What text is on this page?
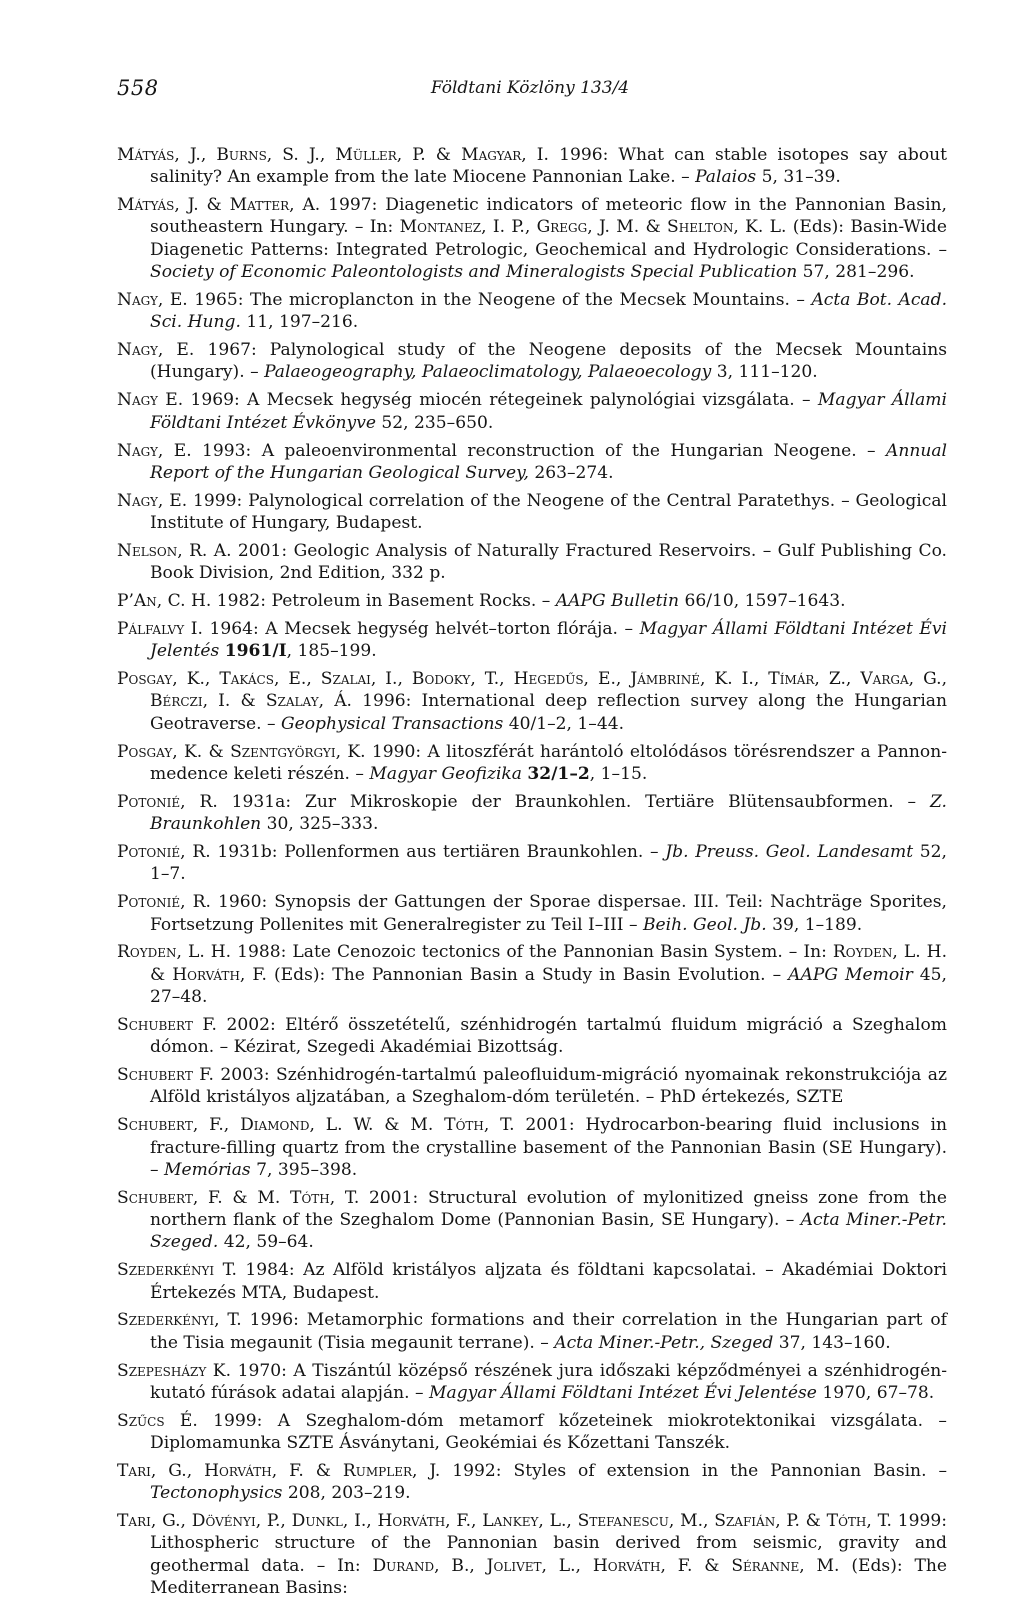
558	Földtani Közlöny 133/4

Mátyás, J., Burns, S. J., Müller, P. & Magyar, I. 1996: What can stable isotopes say about salinity? An example from the late Miocene Pannonian Lake. – Palaios 5, 31–39.

Mátyás, J. & Matter, A. 1997: Diagenetic indicators of meteoric flow in the Pannonian Basin, southeastern Hungary. – In: Montanez, I. P., Gregg, J. M. & Shelton, K. L. (Eds): Basin-Wide Diagenetic Patterns: Integrated Petrologic, Geochemical and Hydrologic Considerations. – Society of Economic Paleontologists and Mineralogists Special Publication 57, 281–296.

Nagy, E. 1965: The microplancton in the Neogene of the Mecsek Mountains. – Acta Bot. Acad. Sci. Hung. 11, 197–216.

Nagy, E. 1967: Palynological study of the Neogene deposits of the Mecsek Mountains (Hungary). – Palaeogeography, Palaeoclimatology, Palaeoecology 3, 111–120.

Nagy E. 1969: A Mecsek hegység miocén rétegeinek palynológiai vizsgálata. – Magyar Állami Földtani Intézet Évkönyve 52, 235–650.

Nagy, E. 1993: A paleoenvironmental reconstruction of the Hungarian Neogene. – Annual Report of the Hungarian Geological Survey, 263–274.

Nagy, E. 1999: Palynological correlation of the Neogene of the Central Paratethys. – Geological Institute of Hungary, Budapest.

Nelson, R. A. 2001: Geologic Analysis of Naturally Fractured Reservoirs. – Gulf Publishing Co. Book Division, 2nd Edition, 332 p.

P’An, C. H. 1982: Petroleum in Basement Rocks. – AAPG Bulletin 66/10, 1597–1643.

Pálfalvy I. 1964: A Mecsek hegység helvét–torton flórája. – Magyar Állami Földtani Intézet Évi Jelentés 1961/I, 185–199.

Posgay, K., Takács, E., Szalai, I., Bodoky, T., Hegedűs, E., Jámbriné, K. I., Tímár, Z., Varga, G., Bérczi, I. & Szalay, Á. 1996: International deep reflection survey along the Hungarian Geotraverse. – Geophysical Transactions 40/1–2, 1–44.

Posgay, K. & Szentgyörgyi, K. 1990: A litoszférát harántoló eltolódásos törésrendszer a Pannon-medence keleti részén. – Magyar Geofizika 32/1–2, 1–15.

Potonié, R. 1931a: Zur Mikroskopie der Braunkohlen. Tertiäre Blütensaubformen. – Z. Braunkohlen 30, 325–333.

Potonié, R. 1931b: Pollenformen aus tertiären Braunkohlen. – Jb. Preuss. Geol. Landesamt 52, 1–7.

Potonié, R. 1960: Synopsis der Gattungen der Sporae dispersae. III. Teil: Nachträge Sporites, Fortsetzung Pollenites mit Generalregister zu Teil I–III – Beih. Geol. Jb. 39, 1–189.

Royden, L. H. 1988: Late Cenozoic tectonics of the Pannonian Basin System. – In: Royden, L. H. & Horváth, F. (Eds): The Pannonian Basin a Study in Basin Evolution. – AAPG Memoir 45, 27–48.

Schubert F. 2002: Eltérő összetételű, szénhidrogén tartalmú fluidum migráció a Szeghalom dómon. – Kézirat, Szegedi Akadémiai Bizottság.

Schubert F. 2003: Szénhidrogén-tartalmú paleofluidum-migráció nyomainak rekonstrukciója az Alföld kristályos aljzatában, a Szeghalom-dóm területén. – PhD értekezés, SZTE

Schubert, F., Diamond, L. W. & M. Tóth, T. 2001: Hydrocarbon-bearing fluid inclusions in fracture-filling quartz from the crystalline basement of the Pannonian Basin (SE Hungary). – Memórias 7, 395–398.

Schubert, F. & M. Tóth, T. 2001: Structural evolution of mylonitized gneiss zone from the northern flank of the Szeghalom Dome (Pannonian Basin, SE Hungary). – Acta Miner.-Petr. Szeged. 42, 59–64.

Szederkényi T. 1984: Az Alföld kristályos aljzata és földtani kapcsolatai. – Akadémiai Doktori Értekezés MTA, Budapest.

Szederkényi, T. 1996: Metamorphic formations and their correlation in the Hungarian part of the Tisia megaunit (Tisia megaunit terrane). – Acta Miner.-Petr., Szeged 37, 143–160.

Szepesházy K. 1970: A Tiszántúl középső részének jura időszaki képződményei a szénhidrogén-kutató fúrások adatai alapján. – Magyar Állami Földtani Intézet Évi Jelentése 1970, 67–78.

Szűcs É. 1999: A Szeghalom-dóm metamorf kőzeteinek miokrotektonikai vizsgálata. – Diplomamunka SZTE Ásványtani, Geokémiai és Kőzettani Tanszék.

Tari, G., Horváth, F. & Rumpler, J. 1992: Styles of extension in the Pannonian Basin. – Tectonophysics 208, 203–219.

Tari, G., Dövényi, P., Dunkl, I., Horváth, F., Lankey, L., Stefanescu, M., Szafián, P. & Tóth, T. 1999: Lithospheric structure of the Pannonian basin derived from seismic, gravity and geothermal data. – In: Durand, B., Jolivet, L., Horváth, F. & Séranne, M. (Eds): The Mediterranean Basins:
